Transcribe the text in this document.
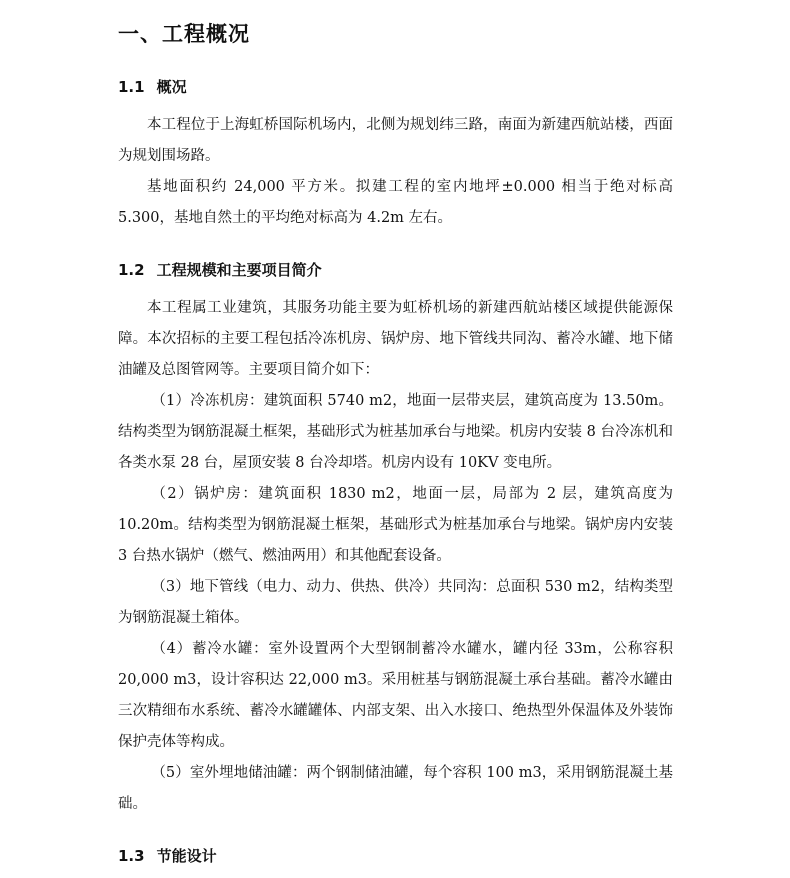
一、工程概况
1.1 概况
本工程位于上海虹桥国际机场内，北侧为规划纬三路，南面为新建西航站楼，西面为规划围场路。
基地面积约 24,000 平方米。拟建工程的室内地坪±0.000 相当于绝对标高 5.300，基地自然土的平均绝对标高为 4.2m 左右。
1.2 工程规模和主要项目简介
本工程属工业建筑，其服务功能主要为虹桥机场的新建西航站楼区域提供能源保障。本次招标的主要工程包括冷冻机房、锅炉房、地下管线共同沟、蓄冷水罐、地下储油罐及总图管网等。主要项目简介如下：
（1）冷冻机房：建筑面积 5740 m2，地面一层带夹层，建筑高度为 13.50m。结构类型为钢筋混凝土框架，基础形式为桩基加承台与地梁。机房内安装 8 台冷冻机和各类水泵 28 台，屋顶安装 8 台冷却塔。机房内设有 10KV 变电所。
（2）锅炉房：建筑面积 1830 m2，地面一层，局部为 2 层，建筑高度为 10.20m。结构类型为钢筋混凝土框架，基础形式为桩基加承台与地梁。锅炉房内安装 3 台热水锅炉（燃气、燃油两用）和其他配套设备。
（3）地下管线（电力、动力、供热、供冷）共同沟：总面积 530 m2，结构类型为钢筋混凝土箱体。
（4）蓄冷水罐：室外设置两个大型钢制蓄冷水罐水，罐内径 33m，公称容积 20,000 m3，设计容积达 22,000 m3。采用桩基与钢筋混凝土承台基础。蓄冷水罐由三次精细布水系统、蓄冷水罐罐体、内部支架、出入水接口、绝热型外保温体及外装饰保护壳体等构成。
（5）室外埋地储油罐：两个钢制储油罐，每个容积 100 m3，采用钢筋混凝土基础。
1.3 节能设计
